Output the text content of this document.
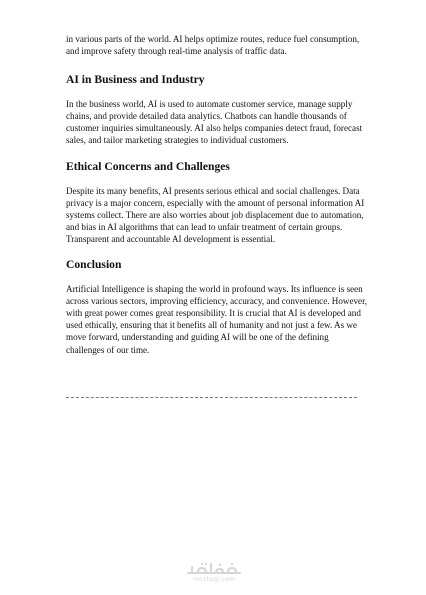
in various parts of the world. AI helps optimize routes, reduce fuel consumption, and improve safety through real-time analysis of traffic data.

AI in Business and Industry

In the business world, AI is used to automate customer service, manage supply chains, and provide detailed data analytics. Chatbots can handle thousands of customer inquiries simultaneously. AI also helps companies detect fraud, forecast sales, and tailor marketing strategies to individual customers.

Ethical Concerns and Challenges

Despite its many benefits, AI presents serious ethical and social challenges. Data privacy is a major concern, especially with the amount of personal information AI systems collect. There are also worries about job displacement due to automation, and bias in AI algorithms that can lead to unfair treatment of certain groups. Transparent and accountable AI development is essential.

Conclusion

Artificial Intelligence is shaping the world in profound ways. Its influence is seen across various sectors, improving efficiency, accuracy, and convenience. However, with great power comes great responsibility. It is crucial that AI is developed and used ethically, ensuring that it benefits all of humanity and not just a few. As we move forward, understanding and guiding AI will be one of the defining challenges of our time.

mostaql.com
